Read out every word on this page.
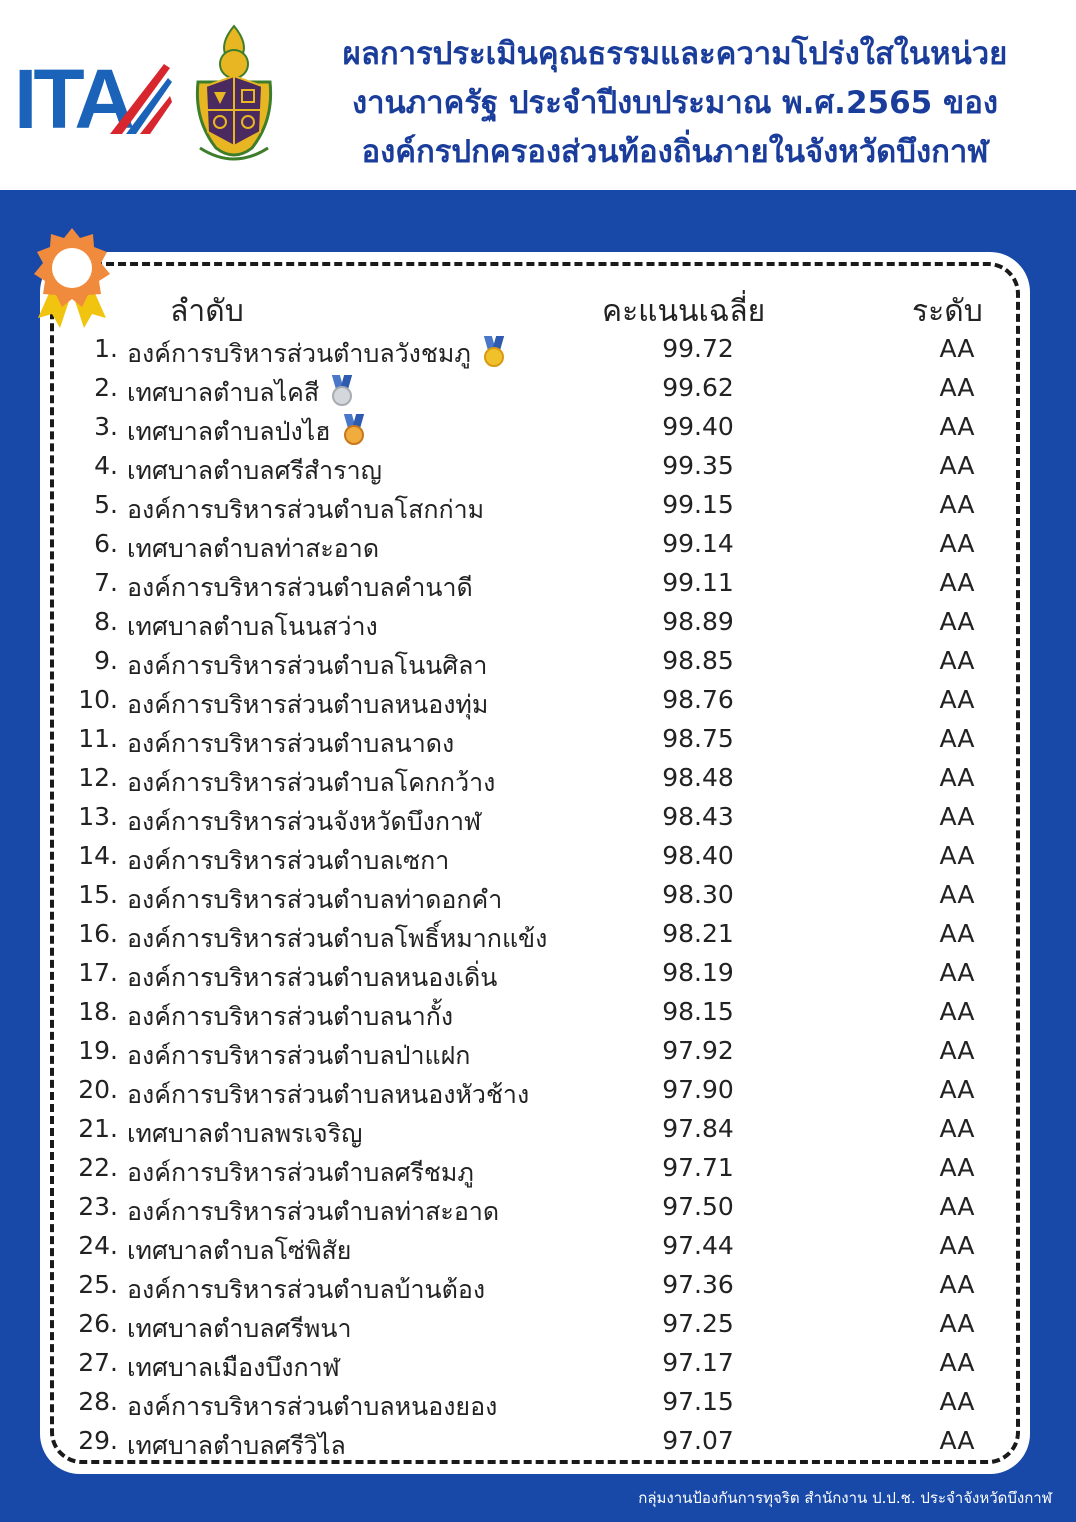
ITA	ผลการประเมินคุณธรรมและความโปร่งใสในหน่วย
งานภาครัฐ ประจำปีงบประมาณ พ.ศ.2565 ของ
องค์กรปกครองส่วนท้องถิ่นภายในจังหวัดบึงกาฬ
ลำดับ	คะแนนเฉลี่ย	ระดับ
1. องค์การบริหารส่วนตำบลวังชมภู	99.72	AA
2. เทศบาลตำบลไคสี	99.62	AA
3. เทศบาลตำบลป่งไฮ	99.40	AA
4. เทศบาลตำบลศรีสำราญ	99.35	AA
5. องค์การบริหารส่วนตำบลโสกก่าม	99.15	AA
6. เทศบาลตำบลท่าสะอาด	99.14	AA
7. องค์การบริหารส่วนตำบลคำนาดี	99.11	AA
8. เทศบาลตำบลโนนสว่าง	98.89	AA
9. องค์การบริหารส่วนตำบลโนนศิลา	98.85	AA
10. องค์การบริหารส่วนตำบลหนองทุ่ม	98.76	AA
11. องค์การบริหารส่วนตำบลนาดง	98.75	AA
12. องค์การบริหารส่วนตำบลโคกกว้าง	98.48	AA
13. องค์การบริหารส่วนจังหวัดบึงกาฬ	98.43	AA
14. องค์การบริหารส่วนตำบลเซกา	98.40	AA
15. องค์การบริหารส่วนตำบลท่าดอกคำ	98.30	AA
16. องค์การบริหารส่วนตำบลโพธิ์หมากแข้ง	98.21	AA
17. องค์การบริหารส่วนตำบลหนองเดิ่น	98.19	AA
18. องค์การบริหารส่วนตำบลนากั้ง	98.15	AA
19. องค์การบริหารส่วนตำบลป่าแฝก	97.92	AA
20. องค์การบริหารส่วนตำบลหนองหัวช้าง	97.90	AA
21. เทศบาลตำบลพรเจริญ	97.84	AA
22. องค์การบริหารส่วนตำบลศรีชมภู	97.71	AA
23. องค์การบริหารส่วนตำบลท่าสะอาด	97.50	AA
24. เทศบาลตำบลโซ่พิสัย	97.44	AA
25. องค์การบริหารส่วนตำบลบ้านต้อง	97.36	AA
26. เทศบาลตำบลศรีพนา	97.25	AA
27. เทศบาลเมืองบึงกาฬ	97.17	AA
28. องค์การบริหารส่วนตำบลหนองยอง	97.15	AA
29. เทศบาลตำบลศรีวิไล	97.07	AA
กลุ่มงานป้องกันการทุจริต สำนักงาน ป.ป.ช. ประจำจังหวัดบึงกาฬ
